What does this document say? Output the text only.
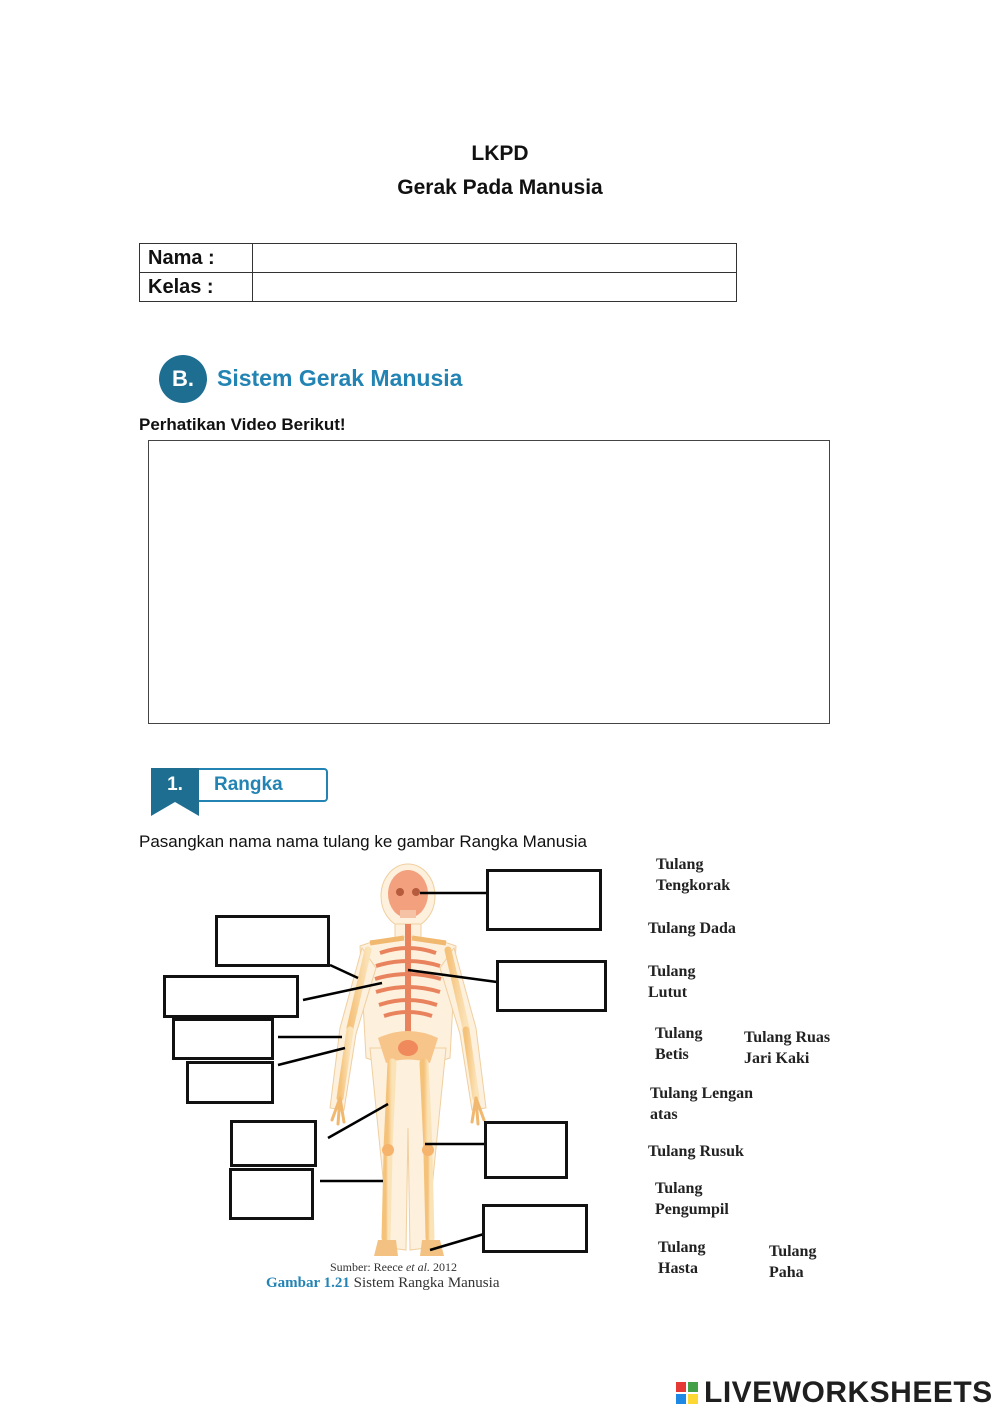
LKPD
Gerak Pada Manusia
Nama :	
Kelas :	
B.	Sistem Gerak Manusia
Perhatikan Video Berikut!
1.	Rangka
Pasangkan nama nama tulang ke gambar Rangka Manusia
Tulang
Tengkorak
Tulang Dada
Tulang
Lutut
Tulang
Betis
Tulang Ruas
Jari Kaki
Tulang Lengan
atas
Tulang Rusuk
Tulang
Pengumpil
Tulang
Hasta
Tulang
Paha
Sumber: Reece et al. 2012
Gambar 1.21 Sistem Rangka Manusia
LIVEWORKSHEETS
